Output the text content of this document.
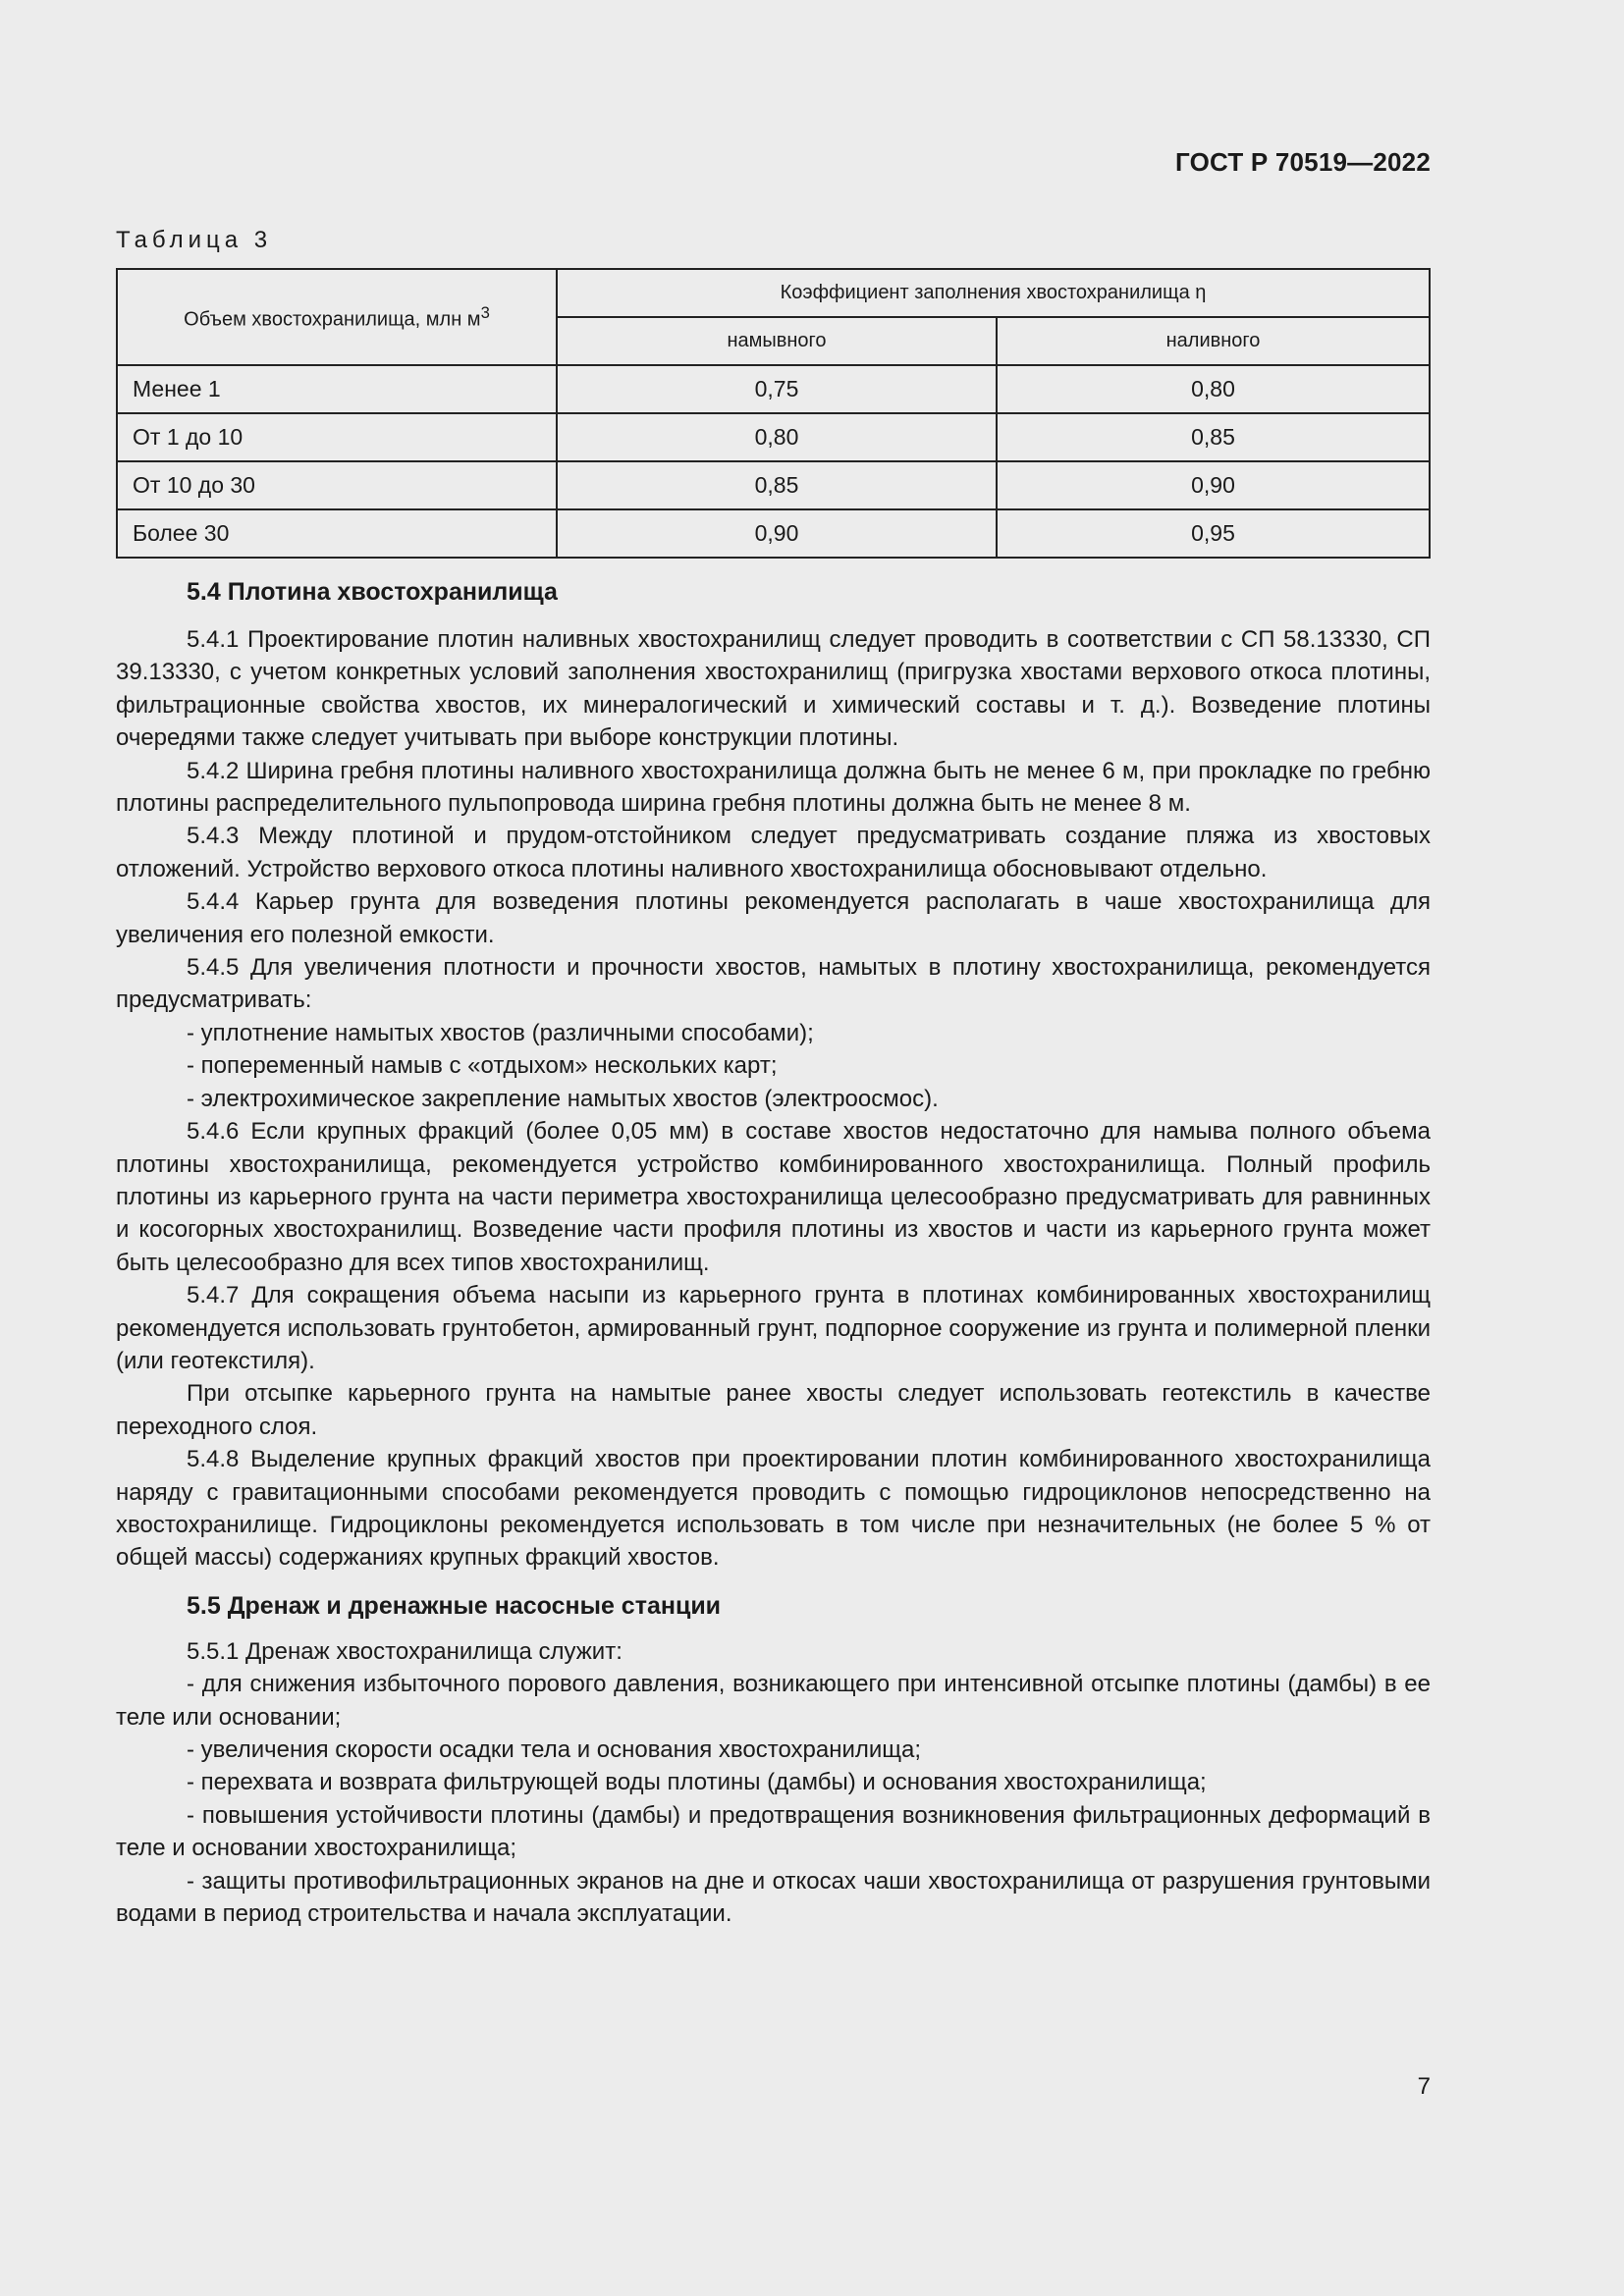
ГОСТ Р 70519—2022
Таблица 3
Объем хвостохранилища, млн $м^3$	Коэффициент заполнения хвостохранилища η	
	намывного	наливного
Менее 1	0,75	0,80
От 1 до 10	0,80	0,85
От 10 до 30	0,85	0,90
Более 30	0,90	0,95
5.4 Плотина хвостохранилища

5.4.1 Проектирование плотин наливных хвостохранилищ следует проводить в соответствии с СП 58.13330, СП 39.13330, с учетом конкретных условий заполнения хвостохранилищ (пригрузка хвостами верхового откоса плотины, фильтрационные свойства хвостов, их минералогический и химический составы и т. д.). Возведение плотины очередями также следует учитывать при выборе конструкции плотины.

5.4.2 Ширина гребня плотины наливного хвостохранилища должна быть не менее 6 м, при прокладке по гребню плотины распределительного пульпопровода ширина гребня плотины должна быть не менее 8 м.

5.4.3 Между плотиной и прудом-отстойником следует предусматривать создание пляжа из хвостовых отложений. Устройство верхового откоса плотины наливного хвостохранилища обосновывают отдельно.

5.4.4 Карьер грунта для возведения плотины рекомендуется располагать в чаше хвостохранилища для увеличения его полезной емкости.

5.4.5 Для увеличения плотности и прочности хвостов, намытых в плотину хвостохранилища, рекомендуется предусматривать:

- уплотнение намытых хвостов (различными способами);

- попеременный намыв с «отдыхом» нескольких карт;

- электрохимическое закрепление намытых хвостов (электроосмос).

5.4.6 Если крупных фракций (более 0,05 мм) в составе хвостов недостаточно для намыва полного объема плотины хвостохранилища, рекомендуется устройство комбинированного хвостохранилища. Полный профиль плотины из карьерного грунта на части периметра хвостохранилища целесообразно предусматривать для равнинных и косогорных хвостохранилищ. Возведение части профиля плотины из хвостов и части из карьерного грунта может быть целесообразно для всех типов хвостохранилищ.

5.4.7 Для сокращения объема насыпи из карьерного грунта в плотинах комбинированных хвостохранилищ рекомендуется использовать грунтобетон, армированный грунт, подпорное сооружение из грунта и полимерной пленки (или геотекстиля).

При отсыпке карьерного грунта на намытые ранее хвосты следует использовать геотекстиль в качестве переходного слоя.

5.4.8 Выделение крупных фракций хвостов при проектировании плотин комбинированного хвостохранилища наряду с гравитационными способами рекомендуется проводить с помощью гидроциклонов непосредственно на хвостохранилище. Гидроциклоны рекомендуется использовать в том числе при незначительных (не более 5 % от общей массы) содержаниях крупных фракций хвостов.

5.5 Дренаж и дренажные насосные станции

5.5.1 Дренаж хвостохранилища служит:

- для снижения избыточного порового давления, возникающего при интенсивной отсыпке плотины (дамбы) в ее теле или основании;

- увеличения скорости осадки тела и основания хвостохранилища;

- перехвата и возврата фильтрующей воды плотины (дамбы) и основания хвостохранилища;

- повышения устойчивости плотины (дамбы) и предотвращения возникновения фильтрационных деформаций в теле и основании хвостохранилища;

- защиты противофильтрационных экранов на дне и откосах чаши хвостохранилища от разрушения грунтовыми водами в период строительства и начала эксплуатации.

7
